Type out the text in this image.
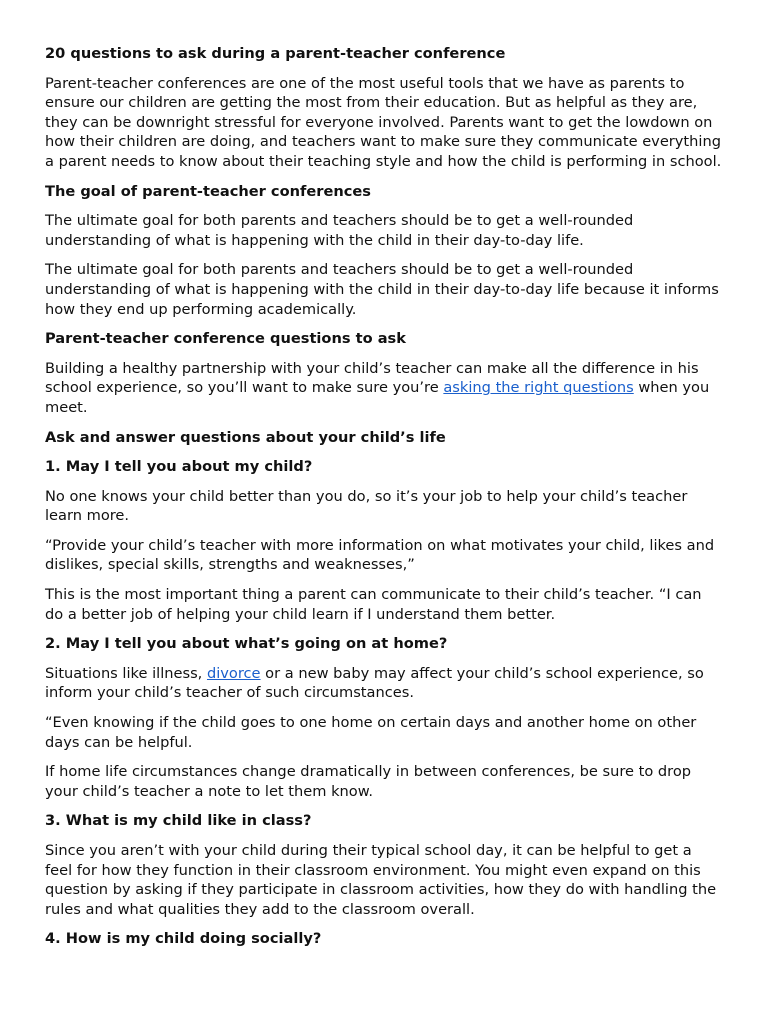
20 questions to ask during a parent-teacher conference

Parent-teacher conferences are one of the most useful tools that we have as parents to ensure our children are getting the most from their education. But as helpful as they are, they can be downright stressful for everyone involved. Parents want to get the lowdown on how their children are doing, and teachers want to make sure they communicate everything a parent needs to know about their teaching style and how the child is performing in school.

The goal of parent-teacher conferences

The ultimate goal for both parents and teachers should be to get a well-rounded understanding of what is happening with the child in their day-to-day life.

The ultimate goal for both parents and teachers should be to get a well-rounded understanding of what is happening with the child in their day-to-day life because it informs how they end up performing academically.

Parent-teacher conference questions to ask

Building a healthy partnership with your child’s teacher can make all the difference in his school experience, so you’ll want to make sure you’re asking the right questions when you meet.

Ask and answer questions about your child’s life
1. May I tell you about my child?

No one knows your child better than you do, so it’s your job to help your child’s teacher learn more.

“Provide your child’s teacher with more information on what motivates your child, likes and dislikes, special skills, strengths and weaknesses,”

This is the most important thing a parent can communicate to their child’s teacher. “I can do a better job of helping your child learn if I understand them better.

2. May I tell you about what’s going on at home?

Situations like illness, divorce or a new baby may affect your child’s school experience, so inform your child’s teacher of such circumstances.

“Even knowing if the child goes to one home on certain days and another home on other days can be helpful.

If home life circumstances change dramatically in between conferences, be sure to drop your child’s teacher a note to let them know.

3. What is my child like in class?

Since you aren’t with your child during their typical school day, it can be helpful to get a feel for how they function in their classroom environment. You might even expand on this question by asking if they participate in classroom activities, how they do with handling the rules and what qualities they add to the classroom overall.

4. How is my child doing socially?
